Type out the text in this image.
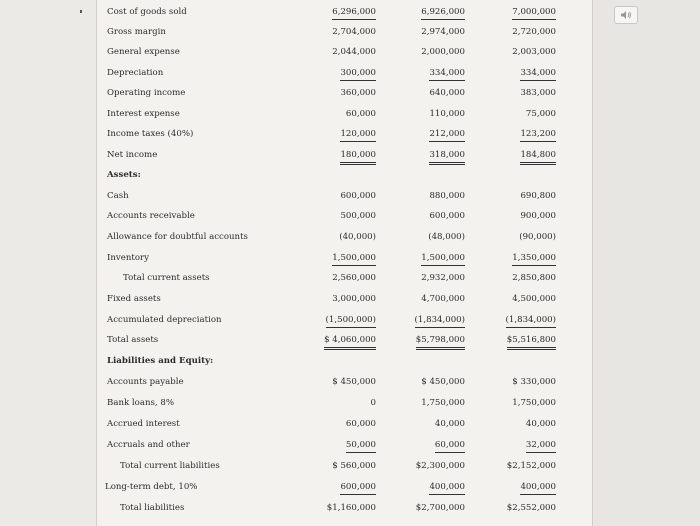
Cost of goods sold	6,296,000	6,926,000	7,000,000
Gross margin	2,704,000	2,974,000	2,720,000
General expense	2,044,000	2,000,000	2,003,000
Depreciation	300,000	334,000	334,000
Operating income	360,000	640,000	383,000
Interest expense	60,000	110,000	75,000
Income taxes (40%)	120,000	212,000	123,200
Net income	180,000	318,000	184,800
Assets:
Cash	600,000	880,000	690,800
Accounts receivable	500,000	600,000	900,000
Allowance for doubtful accounts	(40,000)	(48,000)	(90,000)
Inventory	1,500,000	1,500,000	1,350,000
Total current assets	2,560,000	2,932,000	2,850,800
Fixed assets	3,000,000	4,700,000	4,500,000
Accumulated depreciation	(1,500,000)	(1,834,000)	(1,834,000)
Total assets	$ 4,060,000	$5,798,000	$5,516,800
Liabilities and Equity:
Accounts payable	$ 450,000	$ 450,000	$ 330,000
Bank loans, 8%	0	1,750,000	1,750,000
Accrued interest	60,000	40,000	40,000
Accruals and other	50,000	60,000	32,000
Total current liabilities	$ 560,000	$2,300,000	$2,152,000
Long-term debt, 10%	600,000	400,000	400,000
Total liabilities	$1,160,000	$2,700,000	$2,552,000
